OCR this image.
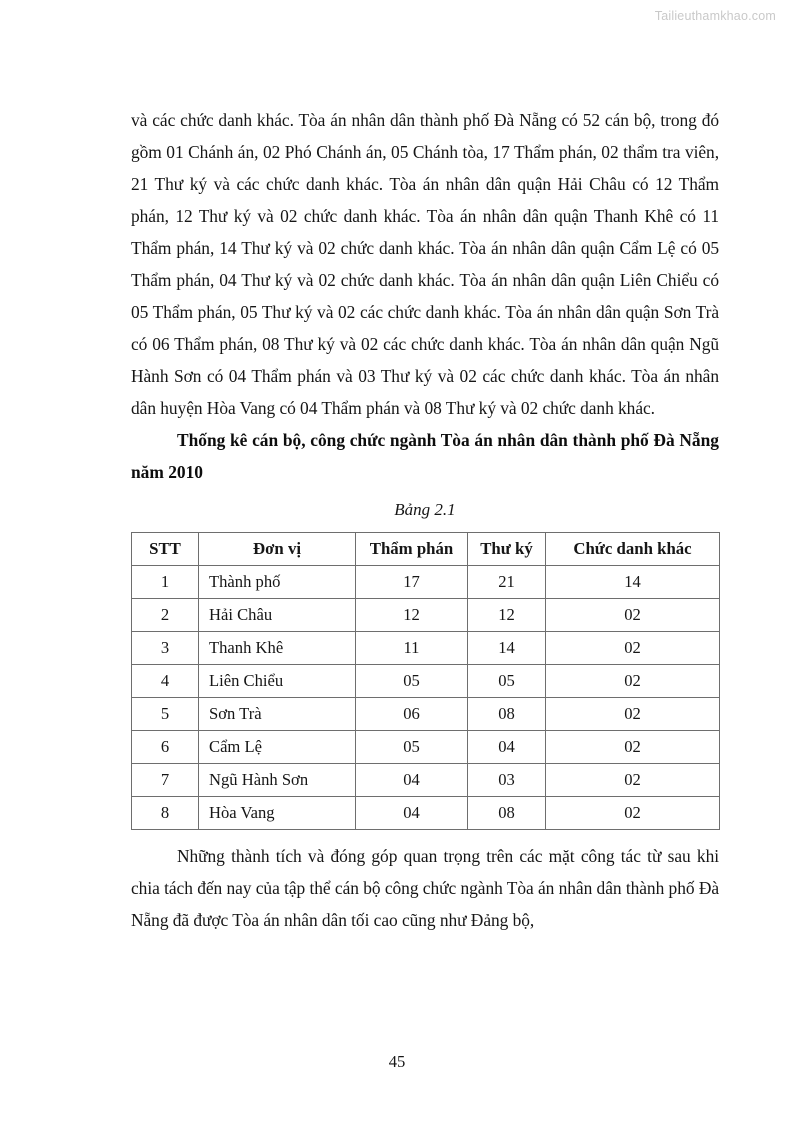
Tailieuthamkhao.com

và các chức danh khác. Tòa án nhân dân thành phố Đà Nẵng có 52 cán bộ, trong đó gồm 01 Chánh án, 02 Phó Chánh án, 05 Chánh tòa, 17 Thẩm phán, 02 thẩm tra viên, 21 Thư ký và các chức danh khác. Tòa án nhân dân quận Hải Châu có 12 Thẩm phán, 12 Thư ký và 02 chức danh khác. Tòa án nhân dân quận Thanh Khê có 11 Thẩm phán, 14 Thư ký và 02 chức danh khác. Tòa án nhân dân quận Cẩm Lệ có 05 Thẩm phán, 04 Thư ký và 02 chức danh khác. Tòa án nhân dân quận Liên Chiểu có 05 Thẩm phán, 05 Thư ký và 02 các chức danh khác. Tòa án nhân dân quận Sơn Trà có 06 Thẩm phán, 08 Thư ký và 02 các chức danh khác. Tòa án nhân dân quận Ngũ Hành Sơn có 04 Thẩm phán và 03 Thư ký và 02 các chức danh khác. Tòa án nhân dân huyện Hòa Vang có 04 Thẩm phán và 08 Thư ký và 02 chức danh khác.

Thống kê cán bộ, công chức ngành Tòa án nhân dân thành phố Đà Nẵng năm 2010

Bảng 2.1

STT	Đơn vị	Thẩm phán	Thư ký	Chức danh khác
1	Thành phố	17	21	14
2	Hải Châu	12	12	02
3	Thanh Khê	11	14	02
4	Liên Chiểu	05	05	02
5	Sơn Trà	06	08	02
6	Cẩm Lệ	05	04	02
7	Ngũ Hành Sơn	04	03	02
8	Hòa Vang	04	08	02

Những thành tích và đóng góp quan trọng trên các mặt công tác từ sau khi chia tách đến nay của tập thể cán bộ công chức ngành Tòa án nhân dân thành phố Đà Nẵng đã được Tòa án nhân dân tối cao cũng như Đảng bộ,

45
